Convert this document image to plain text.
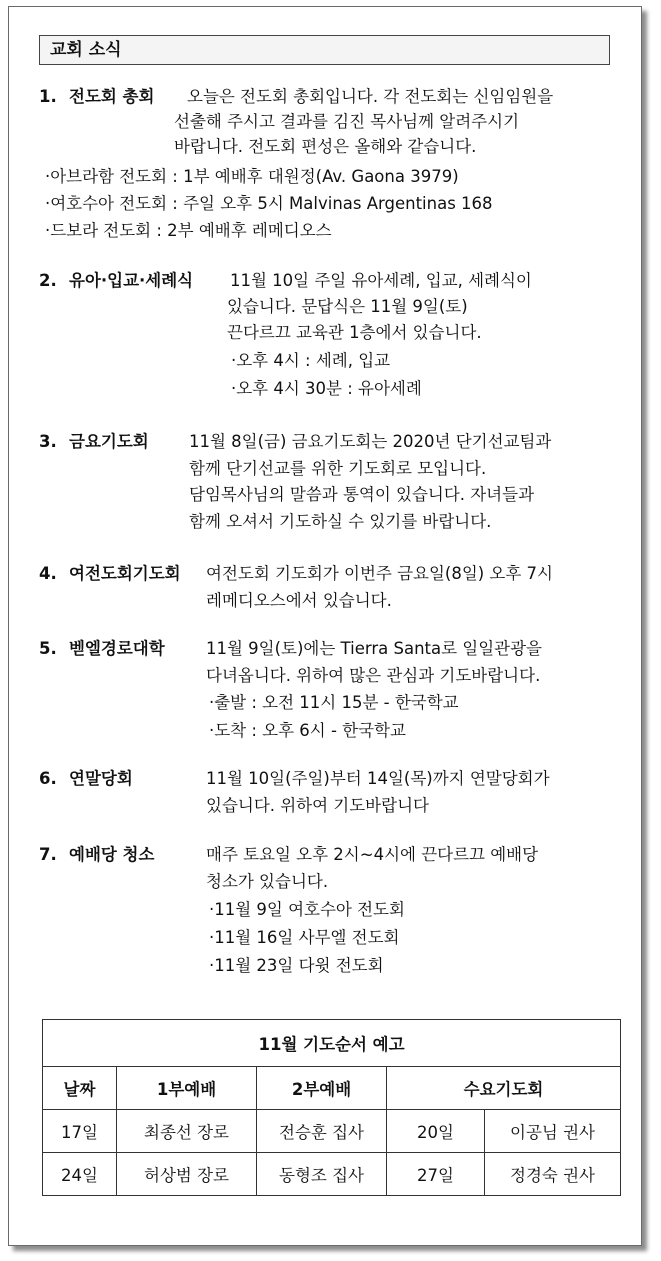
교회 소식
1. 전도회 총회 오늘은 전도회 총회입니다. 각 전도회는 신임임원을
선출해 주시고 결과를 김진 목사님께 알려주시기
바랍니다. 전도회 편성은 올해와 같습니다.
·아브라함 전도회 : 1부 예배후 대원정(Av. Gaona 3979)
·여호수아 전도회 : 주일 오후 5시 Malvinas Argentinas 168
·드보라 전도회 : 2부 예배후 레메디오스
2. 유아·입교·세례식 11월 10일 주일 유아세례, 입교, 세례식이
있습니다. 문답식은 11월 9일(토)
끈다르끄 교육관 1층에서 있습니다.
·오후 4시 : 세례, 입교
·오후 4시 30분 : 유아세례
3. 금요기도회 11월 8일(금) 금요기도회는 2020년 단기선교팀과
함께 단기선교를 위한 기도회로 모입니다.
담임목사님의 말씀과 통역이 있습니다. 자녀들과
함께 오셔서 기도하실 수 있기를 바랍니다.
4. 여전도회기도회 여전도회 기도회가 이번주 금요일(8일) 오후 7시
레메디오스에서 있습니다.
5. 벧엘경로대학	11월 9일(토)에는 Tierra Santa로 일일관광을
다녀옵니다. 위하여 많은 관심과 기도바랍니다.
·출발 : 오전 11시 15분 - 한국학교
·도착 : 오후 6시 - 한국학교
6. 연말당회	11월 10일(주일)부터 14일(목)까지 연말당회가
있습니다. 위하여 기도바랍니다
7. 예배당 청소	매주 토요일 오후 2시~4시에 끈다르끄 예배당
청소가 있습니다.
·11월 9일 여호수아 전도회
·11월 16일 사무엘 전도회
·11월 23일 다윗 전도회
11월 기도순서 예고				
날짜	1부예배	2부예배	수요기도회	
17일	최종선 장로	전승훈 집사	20일	이공님 권사
24일	허상범 장로	동형조 집사	27일	정경숙 권사
